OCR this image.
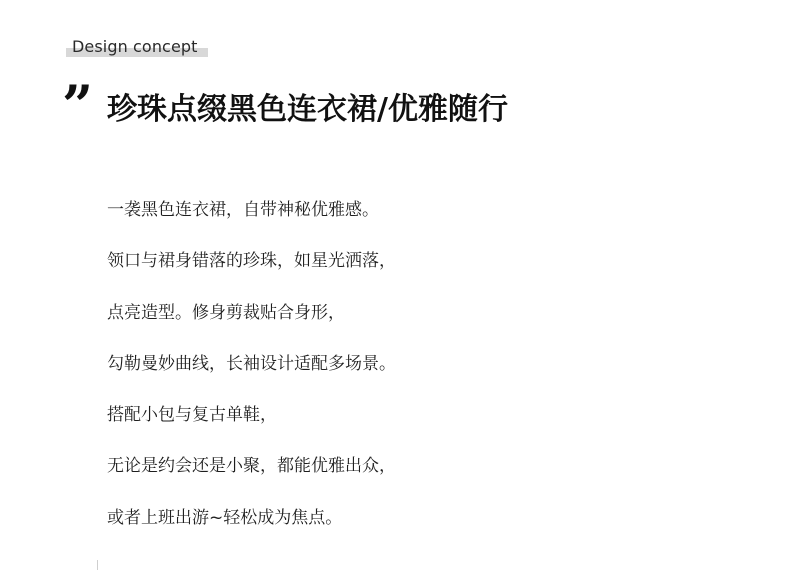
Design concept
” 珍珠点缀黑色连衣裙/优雅随行
一袭黑色连衣裙，自带神秘优雅感。
领口与裙身错落的珍珠，如星光洒落，
点亮造型。修身剪裁贴合身形，
勾勒曼妙曲线，长袖设计适配多场景。
搭配小包与复古单鞋，
无论是约会还是小聚，都能优雅出众，
或者上班出游~轻松成为焦点。
